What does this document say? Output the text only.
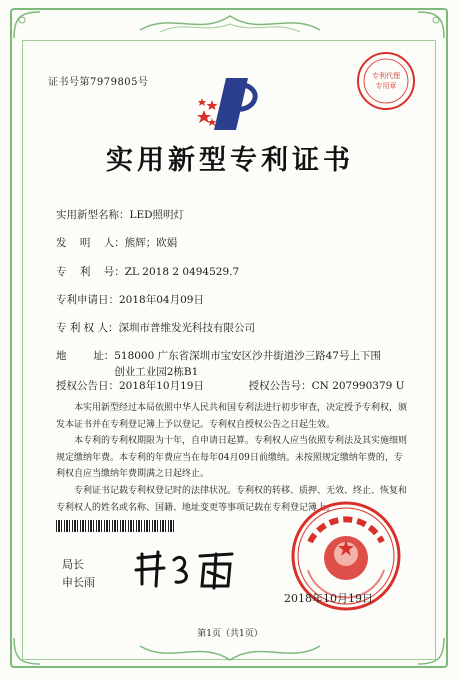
证书号第7979805号
专利代理
专用章
实用新型专利证书
实用新型名称：LED照明灯
发    明    人：熊辉；欧娟
专    利    号：ZL 2018 2 0494529.7
专利申请日：2018年04月09日
专 利 权 人：深圳市普维发光科技有限公司
地        址：518000 广东省深圳市宝安区沙井街道沙三路47号上下围
创业工业园2栋B1
授权公告日：2018年10月19日	授权公告号：CN 207990379 U
本实用新型经过本局依照中华人民共和国专利法进行初步审查，决定授予专利权，颁发本证书并在专利登记簿上予以登记。专利权自授权公告之日起生效。
本专利的专利权期限为十年，自申请日起算。专利权人应当依照专利法及其实施细则规定缴纳年费。本专利的年费应当在每年04月09日前缴纳。未按照规定缴纳年费的，专利权自应当缴纳年费期满之日起终止。
专利证书记载专利权登记时的法律状况。专利权的转移、质押、无效、终止、恢复和专利权人的姓名或名称、国籍、地址变更等事项记载在专利登记簿上。
局长
申长雨
2018年10月19日
第1页（共1页）
